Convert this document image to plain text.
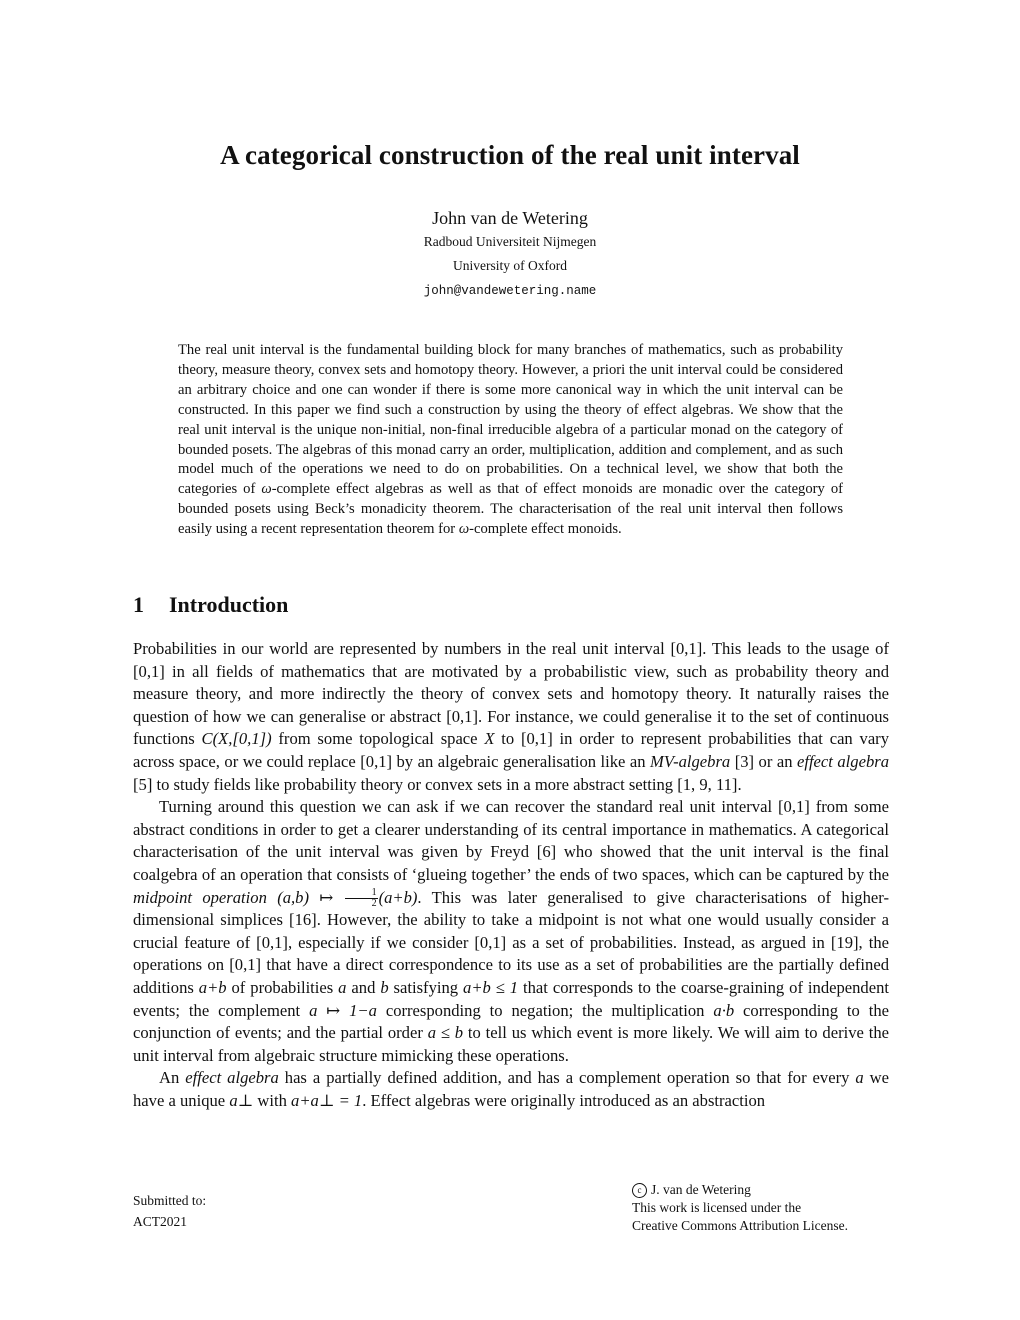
A categorical construction of the real unit interval
John van de Wetering
Radboud Universiteit Nijmegen
University of Oxford
john@vandewetering.name
The real unit interval is the fundamental building block for many branches of mathematics, such as probability theory, measure theory, convex sets and homotopy theory. However, a priori the unit interval could be considered an arbitrary choice and one can wonder if there is some more canonical way in which the unit interval can be constructed. In this paper we find such a construction by using the theory of effect algebras. We show that the real unit interval is the unique non-initial, non-final irreducible algebra of a particular monad on the category of bounded posets. The algebras of this monad carry an order, multiplication, addition and complement, and as such model much of the operations we need to do on probabilities. On a technical level, we show that both the categories of ω-complete effect algebras as well as that of effect monoids are monadic over the category of bounded posets using Beck’s monadicity theorem. The characterisation of the real unit interval then follows easily using a recent representation theorem for ω-complete effect monoids.
1 Introduction

Probabilities in our world are represented by numbers in the real unit interval [0,1]. This leads to the usage of [0,1] in all fields of mathematics that are motivated by a probabilistic view, such as probability theory and measure theory, and more indirectly the theory of convex sets and homotopy theory. It naturally raises the question of how we can generalise or abstract [0,1]. For instance, we could generalise it to the set of continuous functions C(X,[0,1]) from some topological space X to [0,1] in order to represent probabilities that can vary across space, or we could replace [0,1] by an algebraic generalisation like an MV-algebra [3] or an effect algebra [5] to study fields like probability theory or convex sets in a more abstract setting [1, 9, 11].

Turning around this question we can ask if we can recover the standard real unit interval [0,1] from some abstract conditions in order to get a clearer understanding of its central importance in mathematics. A categorical characterisation of the unit interval was given by Freyd [6] who showed that the unit interval is the final coalgebra of an operation that consists of ‘glueing together’ the ends of two spaces, which can be captured by the midpoint operation (a,b) ↦ $\frac{1}{2} (a+b)$. This was later generalised to give characterisations of higher-dimensional simplices [16]. However, the ability to take a midpoint is not what one would usually consider a crucial feature of [0,1], especially if we consider [0,1] as a set of probabilities. Instead, as argued in [19], the operations on [0,1] that have a direct correspondence to its use as a set of probabilities are the partially defined additions a+b of probabilities a and b satisfying a+b ≤ 1 that corresponds to the coarse-graining of independent events; the complement a ↦ 1−a corresponding to negation; the multiplication a·b corresponding to the conjunction of events; and the partial order a ≤ b to tell us which event is more likely. We will aim to derive the unit interval from algebraic structure mimicking these operations.

An effect algebra has a partially defined addition, and has a complement operation so that for every a we have a unique a⊥ with a+a⊥ = 1. Effect algebras were originally introduced as an abstraction

Submitted to:
ACT2021
c J. van de Wetering
This work is licensed under the
Creative Commons Attribution License.
